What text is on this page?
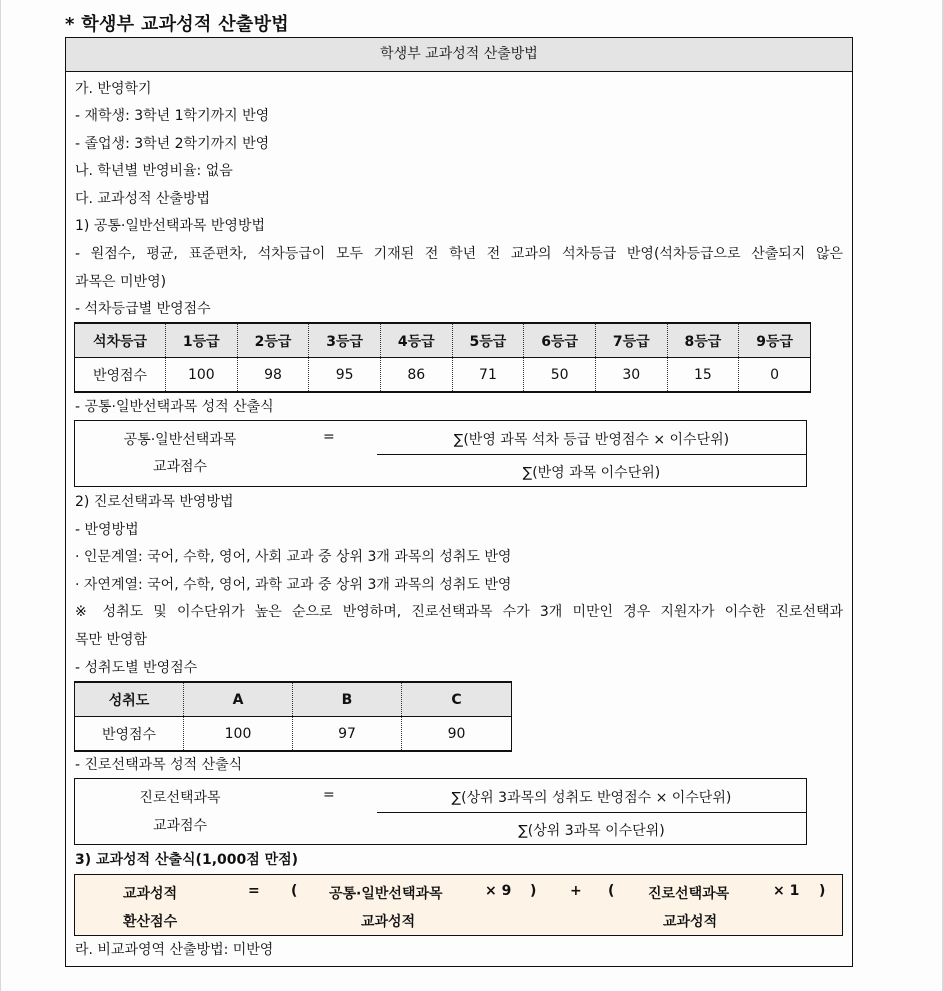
* 학생부 교과성적 산출방법
학생부 교과성적 산출방법
가. 반영학기
- 재학생: 3학년 1학기까지 반영
- 졸업생: 3학년 2학기까지 반영
나. 학년별 반영비율: 없음
다. 교과성적 산출방법
1) 공통·일반선택과목 반영방법
- 원점수, 평균, 표준편차, 석차등급이 모두 기재된 전 학년 전 교과의 석차등급 반영(석차등급으로 산출되지 않은
과목은 미반영)
- 석차등급별 반영점수
석차등급	1등급	2등급	3등급	4등급	5등급	6등급	7등급	8등급	9등급
반영점수	100	98	95	86	71	50	30	15	0
- 공통·일반선택과목 성적 산출식
공통·일반선택과목
교과점수
=	∑(반영 과목 석차 등급 반영점수 × 이수단위)
∑(반영 과목 이수단위)
2) 진로선택과목 반영방법
- 반영방법
· 인문계열: 국어, 수학, 영어, 사회 교과 중 상위 3개 과목의 성취도 반영
· 자연계열: 국어, 수학, 영어, 과학 교과 중 상위 3개 과목의 성취도 반영
※ 성취도 및 이수단위가 높은 순으로 반영하며, 진로선택과목 수가 3개 미만인 경우 지원자가 이수한 진로선택과
목만 반영함
- 성취도별 반영점수
성취도	A	B	C
반영점수	100	97	90
- 진로선택과목 성적 산출식
진로선택과목
교과점수
=	∑(상위 3과목의 성취도 반영점수 × 이수단위)
∑(상위 3과목 이수단위)
3) 교과성적 산출식(1,000점 만점)
교과성적
환산점수
= ( 공통·일반선택과목
교과성적
× 9 ) + ( 진로선택과목
교과성적
× 1 )
라. 비교과영역 산출방법: 미반영
